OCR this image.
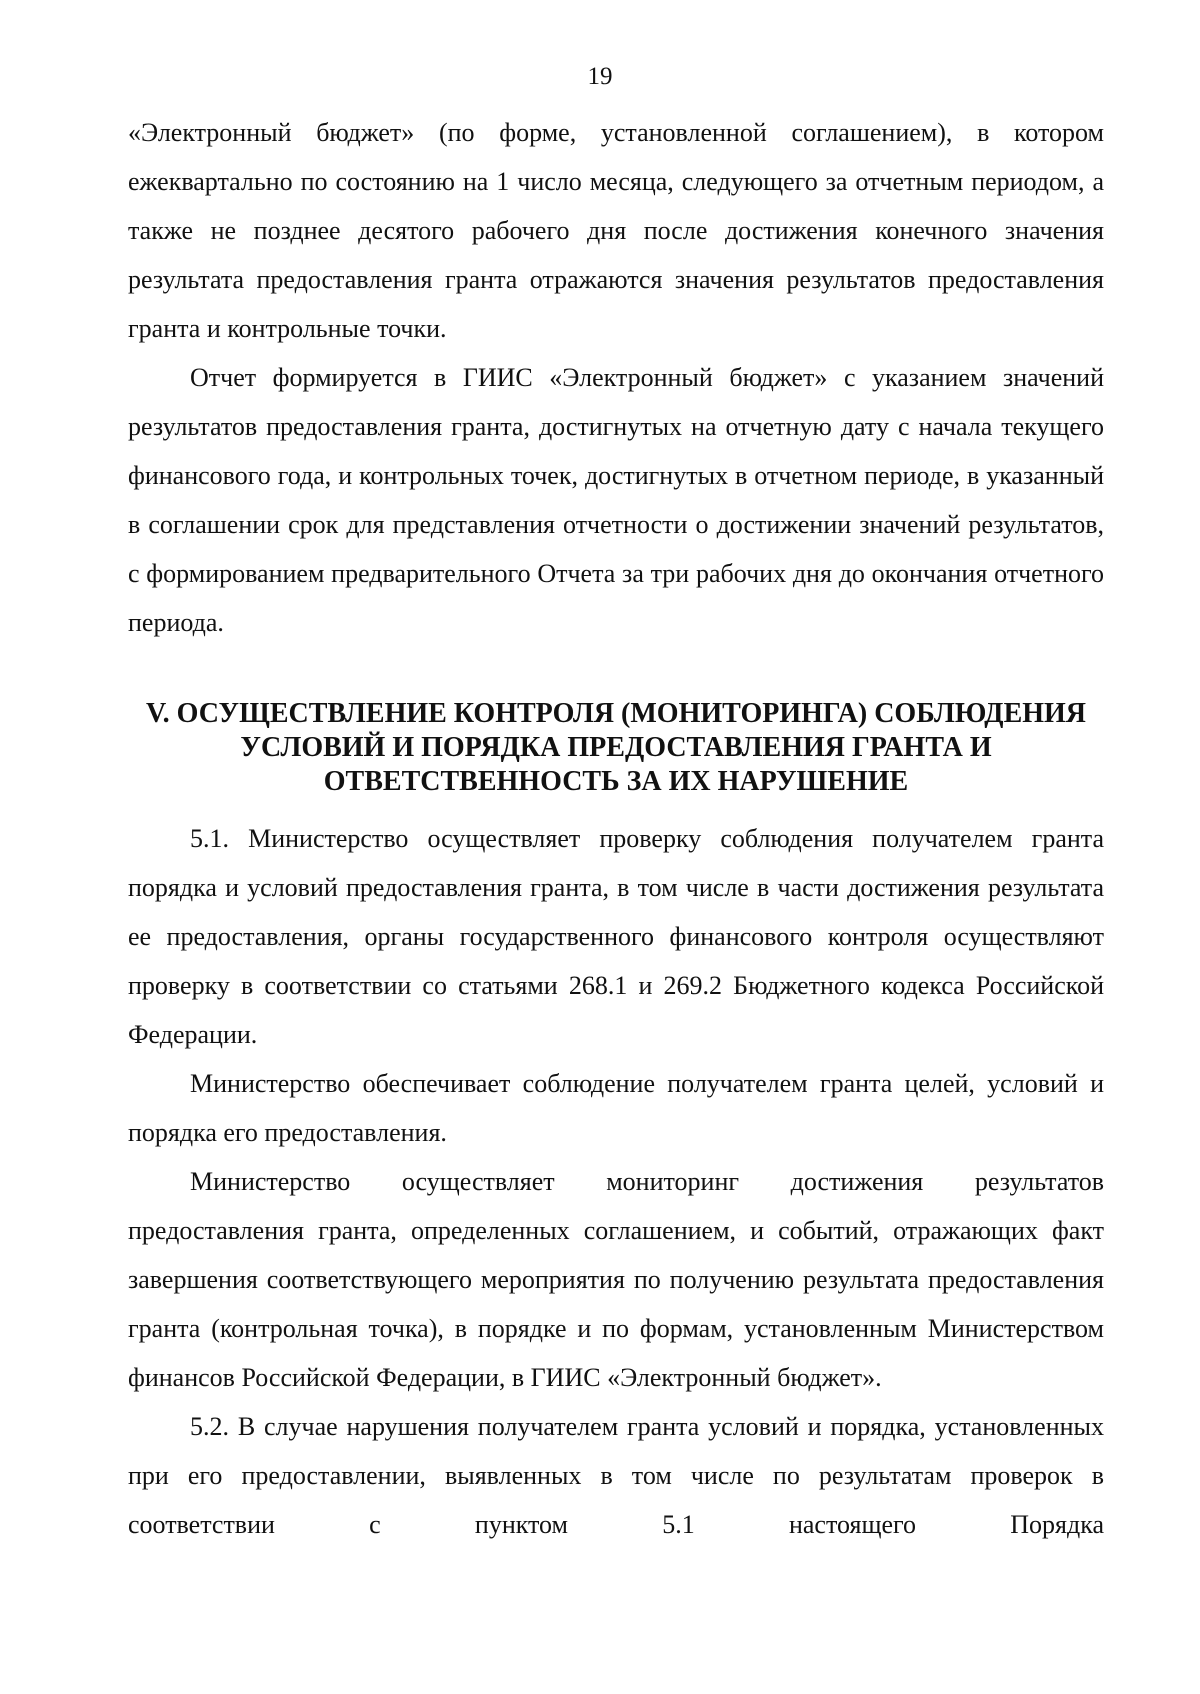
19

«Электронный бюджет» (по форме, установленной соглашением), в котором ежеквартально по состоянию на 1 число месяца, следующего за отчетным периодом, а также не позднее десятого рабочего дня после достижения конечного значения результата предоставления гранта отражаются значения результатов предоставления гранта и контрольные точки.

Отчет формируется в ГИИС «Электронный бюджет» с указанием значений результатов предоставления гранта, достигнутых на отчетную дату с начала текущего финансового года, и контрольных точек, достигнутых в отчетном периоде, в указанный в соглашении срок для представления отчетности о достижении значений результатов, с формированием предварительного Отчета за три рабочих дня до окончания отчетного периода.

V. ОСУЩЕСТВЛЕНИЕ КОНТРОЛЯ (МОНИТОРИНГА) СОБЛЮДЕНИЯ
УСЛОВИЙ И ПОРЯДКА ПРЕДОСТАВЛЕНИЯ ГРАНТА И
ОТВЕТСТВЕННОСТЬ ЗА ИХ НАРУШЕНИЕ

5.1. Министерство осуществляет проверку соблюдения получателем гранта порядка и условий предоставления гранта, в том числе в части достижения результата ее предоставления, органы государственного финансового контроля осуществляют проверку в соответствии со статьями 268.1 и 269.2 Бюджетного кодекса Российской Федерации.

Министерство обеспечивает соблюдение получателем гранта целей, условий и порядка его предоставления.

Министерство осуществляет мониторинг достижения результатов предоставления гранта, определенных соглашением, и событий, отражающих факт завершения соответствующего мероприятия по получению результата предоставления гранта (контрольная точка), в порядке и по формам, установленным Министерством финансов Российской Федерации, в ГИИС «Электронный бюджет».

5.2. В случае нарушения получателем гранта условий и порядка, установленных при его предоставлении, выявленных в том числе по результатам проверок в соответствии с пунктом 5.1 настоящего Порядка
